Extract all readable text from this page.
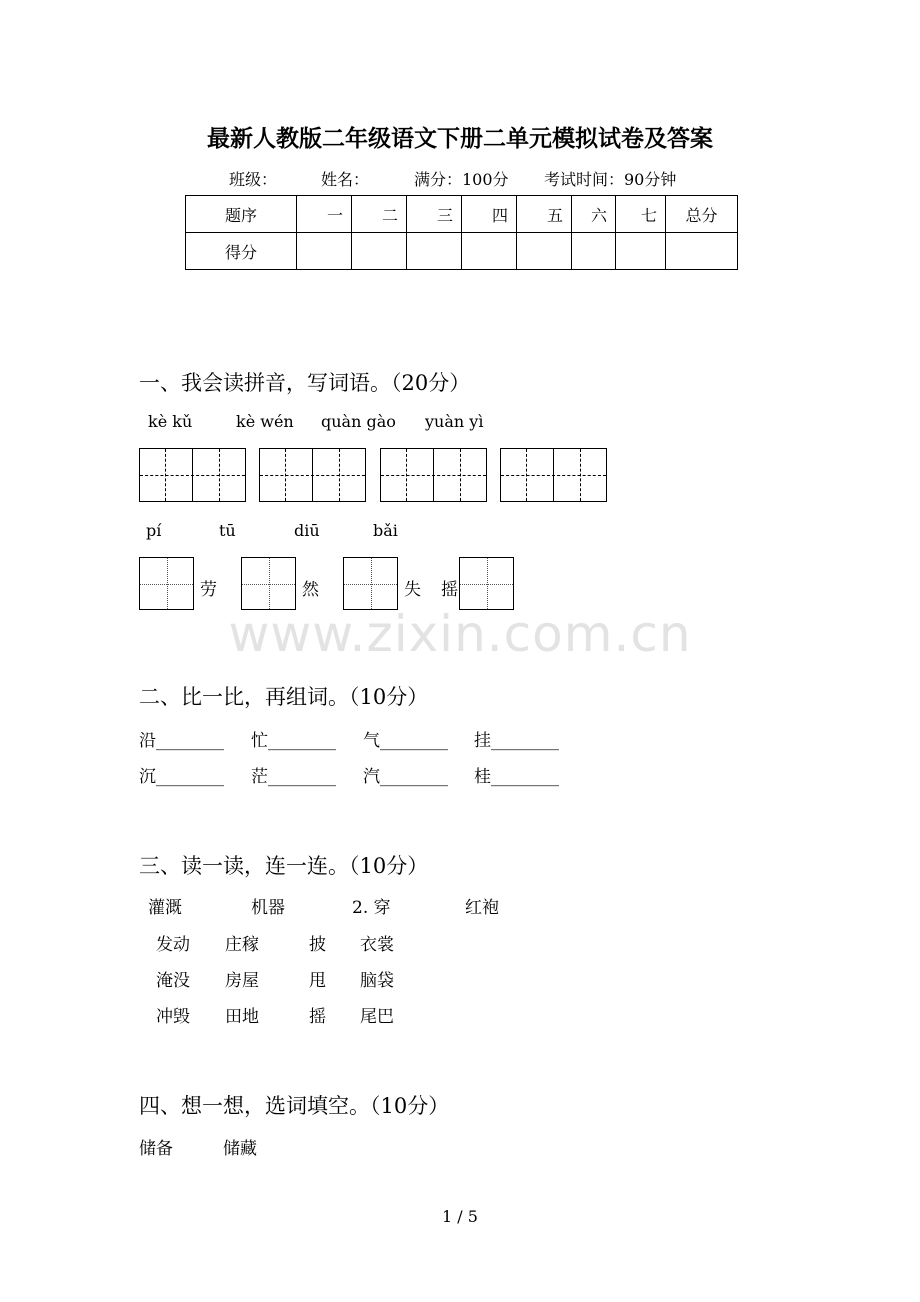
最新人教版二年级语文下册二单元模拟试卷及答案
班级：	姓名：	满分：100分 考试时间：90分钟
题序	一	二	三	四	五	六	七	总分
得分								
一、我会读拼音，写词语。（20分）
kè kǔ	kè wén quàn gào yuàn yì
pí	tū	diū	bǎi
劳	然	失 摇
www.zixin.com.cn
二、比一比，再组词。（10分）
沿________ 忙________ 气________ 挂________
沉________ 茫________ 汽________ 桂________
三、读一读，连一连。（10分）
灌溉	机器	2. 穿	红袍
发动 庄稼	披 衣裳
淹没 房屋	甩 脑袋
冲毁 田地	摇 尾巴
四、想一想，选词填空。（10分）
储备	储藏
1 / 5
